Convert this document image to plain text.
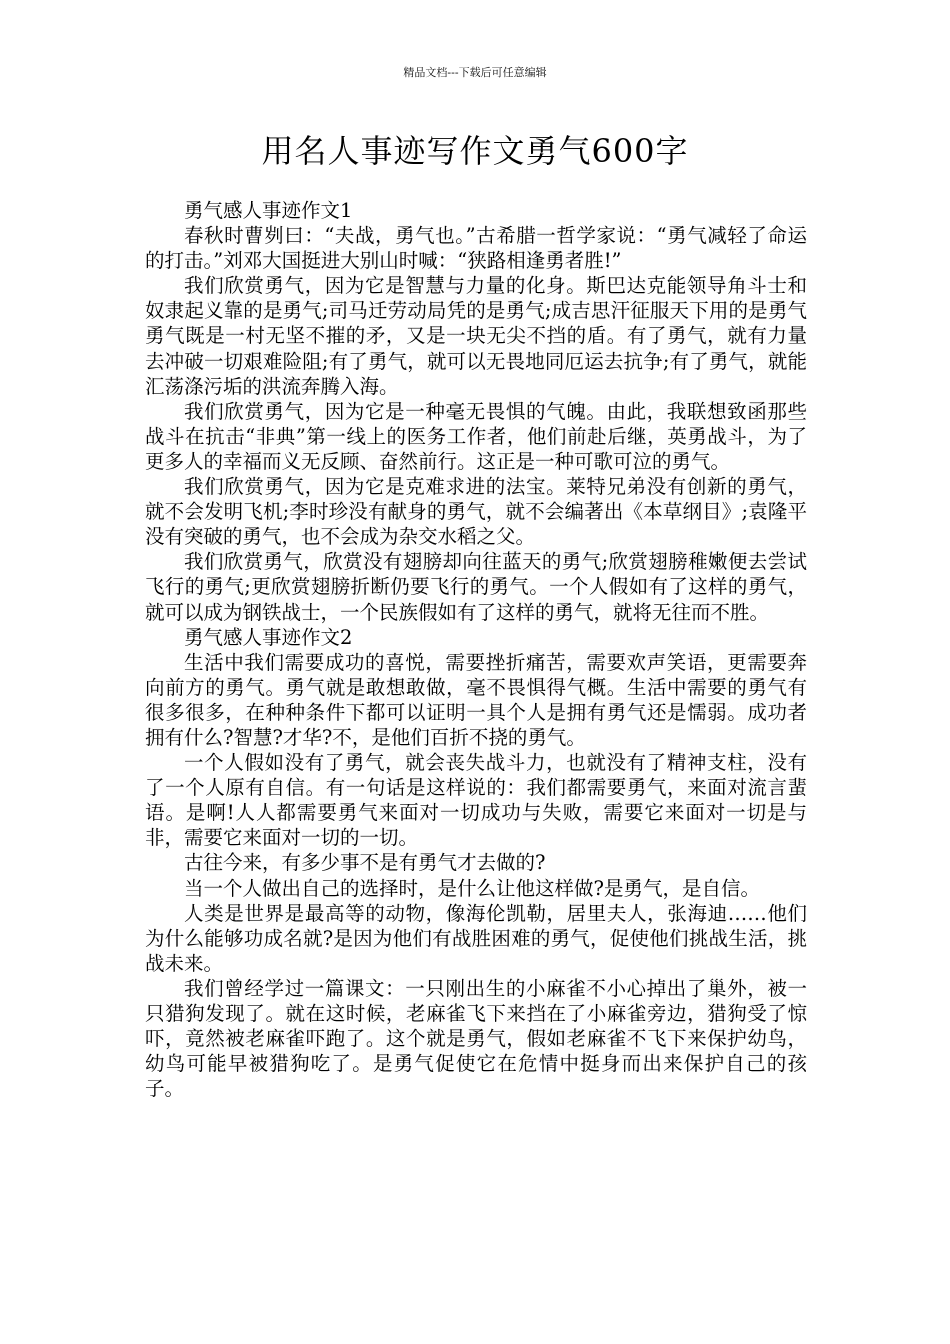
精品文档---下载后可任意编辑
用名人事迹写作文勇气600字

勇气感人事迹作文1

春秋时曹刿曰：“夫战，勇气也。”古希腊一哲学家说：“勇气减轻了命运的打击。”刘邓大国挺进大别山时喊：“狭路相逢勇者胜!”

我们欣赏勇气，因为它是智慧与力量的化身。斯巴达克能领导角斗士和奴隶起义靠的是勇气;司马迁劳动局凭的是勇气;成吉思汗征服天下用的是勇气勇气既是一村无坚不摧的矛，又是一块无尖不挡的盾。有了勇气，就有力量去冲破一切艰难险阻;有了勇气，就可以无畏地同厄运去抗争;有了勇气，就能汇荡涤污垢的洪流奔腾入海。

我们欣赏勇气，因为它是一种毫无畏惧的气魄。由此，我联想致函那些战斗在抗击“非典”第一线上的医务工作者，他们前赴后继，英勇战斗，为了更多人的幸福而义无反顾、奋然前行。这正是一种可歌可泣的勇气。

我们欣赏勇气，因为它是克难求进的法宝。莱特兄弟没有创新的勇气，就不会发明飞机;李时珍没有献身的勇气，就不会编著出《本草纲目》;袁隆平没有突破的勇气，也不会成为杂交水稻之父。

我们欣赏勇气，欣赏没有翅膀却向往蓝天的勇气;欣赏翅膀稚嫩便去尝试飞行的勇气;更欣赏翅膀折断仍要飞行的勇气。一个人假如有了这样的勇气，就可以成为钢铁战士，一个民族假如有了这样的勇气，就将无往而不胜。

勇气感人事迹作文2

生活中我们需要成功的喜悦，需要挫折痛苦，需要欢声笑语，更需要奔向前方的勇气。勇气就是敢想敢做，毫不畏惧得气概。生活中需要的勇气有很多很多，在种种条件下都可以证明一具个人是拥有勇气还是懦弱。成功者拥有什么?智慧?才华?不，是他们百折不挠的勇气。

一个人假如没有了勇气，就会丧失战斗力，也就没有了精神支柱，没有了一个人原有自信。有一句话是这样说的：我们都需要勇气，来面对流言蜚语。是啊!人人都需要勇气来面对一切成功与失败，需要它来面对一切是与非，需要它来面对一切的一切。

古往今来，有多少事不是有勇气才去做的?

当一个人做出自己的选择时，是什么让他这样做?是勇气，是自信。

人类是世界是最高等的动物，像海伦凯勒，居里夫人，张海迪……他们为什么能够功成名就?是因为他们有战胜困难的勇气，促使他们挑战生活，挑战未来。

我们曾经学过一篇课文：一只刚出生的小麻雀不小心掉出了巢外，被一只猎狗发现了。就在这时候，老麻雀飞下来挡在了小麻雀旁边，猎狗受了惊吓，竟然被老麻雀吓跑了。这个就是勇气，假如老麻雀不飞下来保护幼鸟，幼鸟可能早被猎狗吃了。是勇气促使它在危情中挺身而出来保护自己的孩子。
